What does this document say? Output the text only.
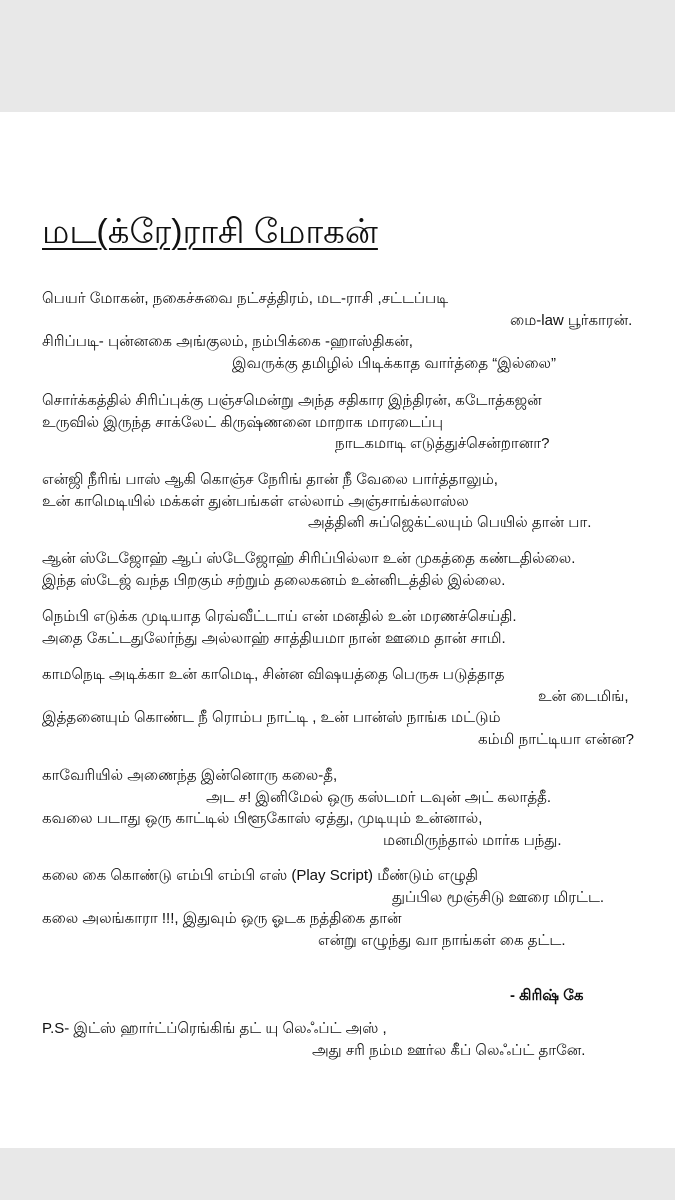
மட(க்ரே)ராசி மோகன்
பெயர் மோகன், நகைச்சுவை நட்சத்திரம், மட-ராசி ,சட்டப்படி
மை-law பூர்காரன்.
சிரிப்படி- புன்னகை அங்குலம், நம்பிக்கை -ஹாஸ்திகன்,
இவருக்கு தமிழில் பிடிக்காத வார்த்தை “இல்லை”
சொர்க்கத்தில் சிரிப்புக்கு பஞ்சமென்று அந்த சதிகார இந்திரன், கடோத்கஜன்
உருவில் இருந்த சாக்லேட் கிருஷ்ணனை மாறாக மாரடைப்பு
நாடகமாடி எடுத்துச்சென்றானா?
என்ஜி நீரிங் பாஸ் ஆகி கொஞ்ச நேரிங் தான் நீ வேலை பார்த்தாலும்,
உன் காமெடியில் மக்கள் துன்பங்கள் எல்லாம் அஞ்சாங்க்லாஸ்ல
அத்தினி சுப்ஜெக்ட்லயும் பெயில் தான் பா.
ஆன் ஸ்டேஜோஹ் ஆப் ஸ்டேஜோஹ் சிரிப்பில்லா உன் முகத்தை கண்டதில்லை.
இந்த ஸ்டேஜ் வந்த பிறகும் சற்றும் தலைகனம் உன்னிடத்தில் இல்லை.
நெம்பி எடுக்க முடியாத ரெவ்வீட்டாய் என் மனதில் உன் மரணச்செய்தி.
அதை கேட்டதுலேர்ந்து அல்லாஹ் சாத்தியமா நான் ஊமை தான் சாமி.
காமநெடி அடிக்கா உன் காமெடி, சின்ன விஷயத்தை பெருசு படுத்தாத
உன் டைமிங்,
இத்தனையும் கொண்ட நீ ரொம்ப நாட்டி , உன் பான்ஸ் நாங்க மட்டும்
கம்மி நாட்டியா என்ன?
காவேரியில் அணைந்த இன்னொரு கலை-தீ,
அட ச! இனிமேல் ஒரு கஸ்டமர் டவுன் அட் கலாத்தீ.
கவலை படாது ஒரு காட்டில் பிளூகோஸ் ஏத்து, முடியும் உன்னால்,
மனமிருந்தால் மார்க பந்து.
கலை கை கொண்டு எம்பி எம்பி எஸ் (Play Script) மீண்டும் எழுதி
துப்பில மூஞ்சிடு ஊரை மிரட்ட.
கலை அலங்காரா !!!, இதுவும் ஒரு ஓடக நத்திகை தான்
என்று எழுந்து வா நாங்கள் கை தட்ட.
- கிரிஷ் கே
P.S- இட்ஸ் ஹார்ட்ப்ரெங்கிங் தட் யு லெஃப்ட் அஸ் ,
அது சரி நம்ம ஊர்ல கீப் லெஃப்ட் தானே.
